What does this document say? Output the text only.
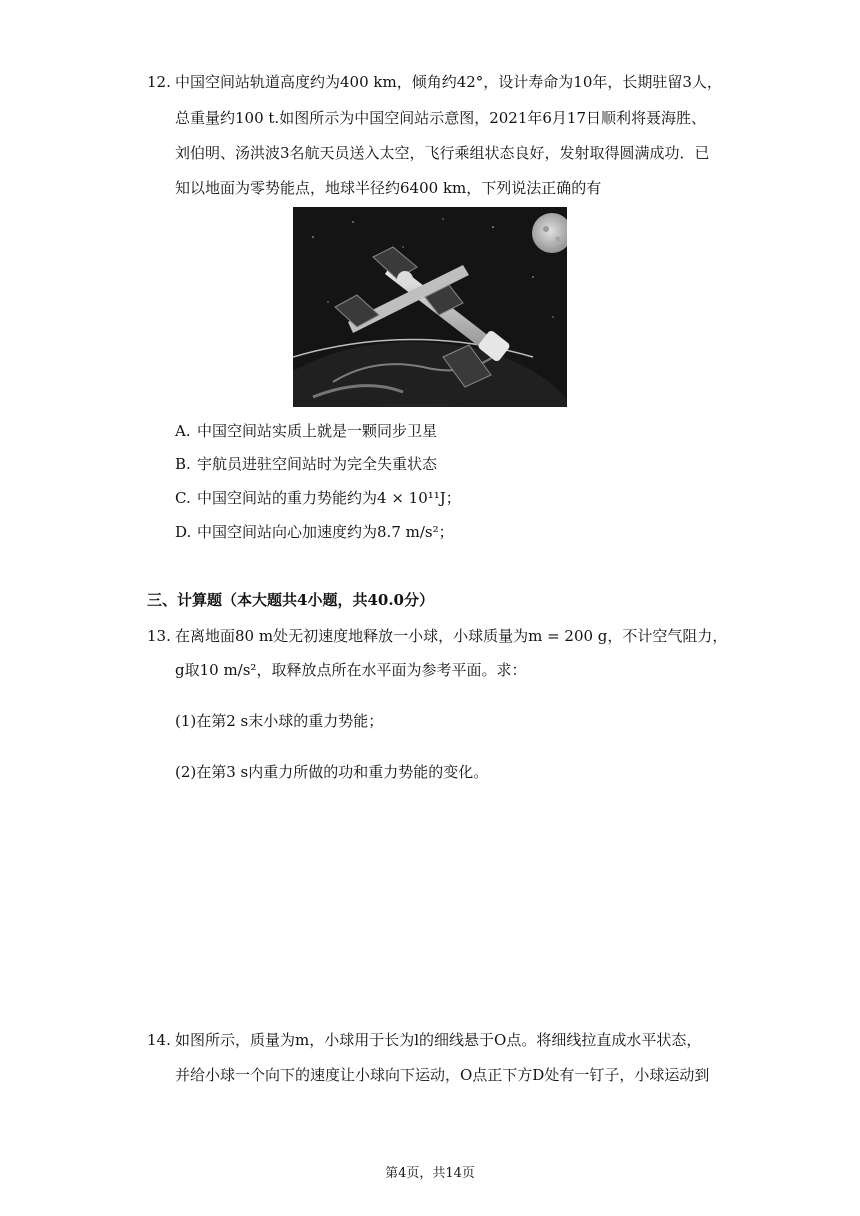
12. 中国空间站轨道高度约为400 km，倾角约42°，设计寿命为10年，长期驻留3人，
总重量约100 t.如图所示为中国空间站示意图，2021年6月17日顺利将聂海胜、
刘伯明、汤洪波3名航天员送入太空，飞行乘组状态良好，发射取得圆满成功．已
知以地面为零势能点，地球半径约6400 km，下列说法正确的有
A. 中国空间站实质上就是一颗同步卫星
B. 宇航员进驻空间站时为完全失重状态
C. 中国空间站的重力势能约为4 × 10¹¹J；
D. 中国空间站向心加速度约为8.7 m/s²；
三、计算题（本大题共4小题，共40.0分）
13. 在离地面80 m处无初速度地释放一小球，小球质量为m = 200 g，不计空气阻力，
g取10 m/s²，取释放点所在水平面为参考平面。求：
(1)在第2 s末小球的重力势能；
(2)在第3 s内重力所做的功和重力势能的变化。
14. 如图所示，质量为m，小球用于长为l的细线悬于O点。将细线拉直成水平状态，
并给小球一个向下的速度让小球向下运动，O点正下方D处有一钉子，小球运动到
第4页，共14页
